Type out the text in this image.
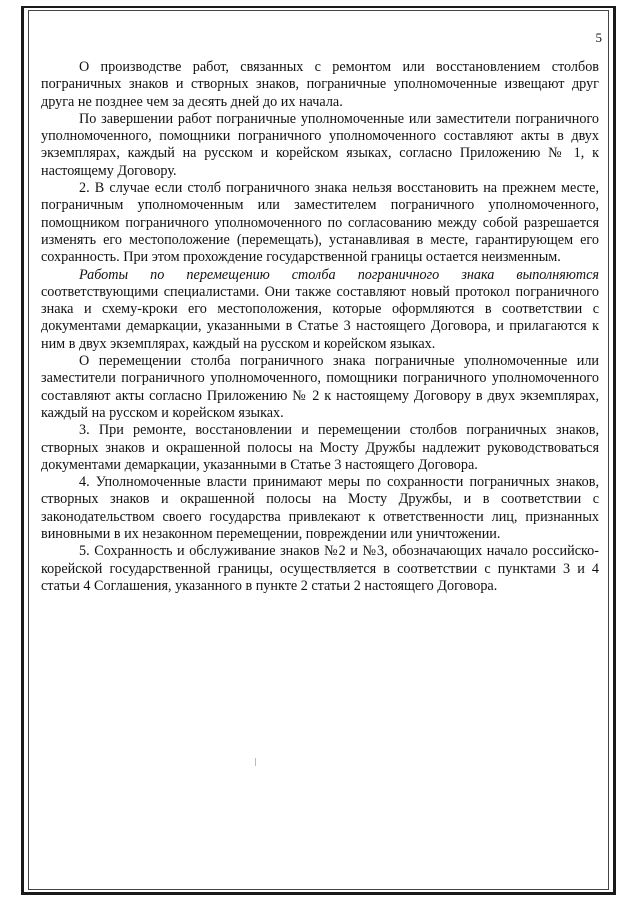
5

О производстве работ, связанных с ремонтом или восстановлением столбов пограничных знаков и створных знаков, пограничные уполномоченные извещают друг друга не позднее чем за десять дней до их начала.

По завершении работ пограничные уполномоченные или заместители пограничного уполномоченного, помощники пограничного уполномоченного составляют акты в двух экземплярах, каждый на русском и корейском языках, согласно Приложению № 1, к настоящему Договору.

2. В случае если столб пограничного знака нельзя восстановить на прежнем месте, пограничным уполномоченным или заместителем пограничного уполномоченного, помощником пограничного уполномоченного по согласованию между собой разрешается изменять его местоположение (перемещать), устанавливая в месте, гарантирующем его сохранность. При этом прохождение государственной границы остается неизменным.

Работы по перемещению столба пограничного знака выполняются соответствующими специалистами. Они также составляют новый протокол пограничного знака и схему-кроки его местоположения, которые оформляются в соответствии с документами демаркации, указанными в Статье 3 настоящего Договора, и прилагаются к ним в двух экземплярах, каждый на русском и корейском языках.

О перемещении столба пограничного знака пограничные уполномоченные или заместители пограничного уполномоченного, помощники пограничного уполномоченного составляют акты согласно Приложению № 2 к настоящему Договору в двух экземплярах, каждый на русском и корейском языках.

3. При ремонте, восстановлении и перемещении столбов пограничных знаков, створных знаков и окрашенной полосы на Мосту Дружбы надлежит руководствоваться документами демаркации, указанными в Статье 3 настоящего Договора.

4. Уполномоченные власти принимают меры по сохранности пограничных знаков, створных знаков и окрашенной полосы на Мосту Дружбы, и в соответствии с законодательством своего государства привлекают к ответственности лиц, признанных виновными в их незаконном перемещении, повреждении или уничтожении.

5. Сохранность и обслуживание знаков №2 и №3, обозначающих начало российско-корейской государственной границы, осуществляется в соответствии с пунктами 3 и 4 статьи 4 Соглашения, указанного в пункте 2 статьи 2 настоящего Договора.
